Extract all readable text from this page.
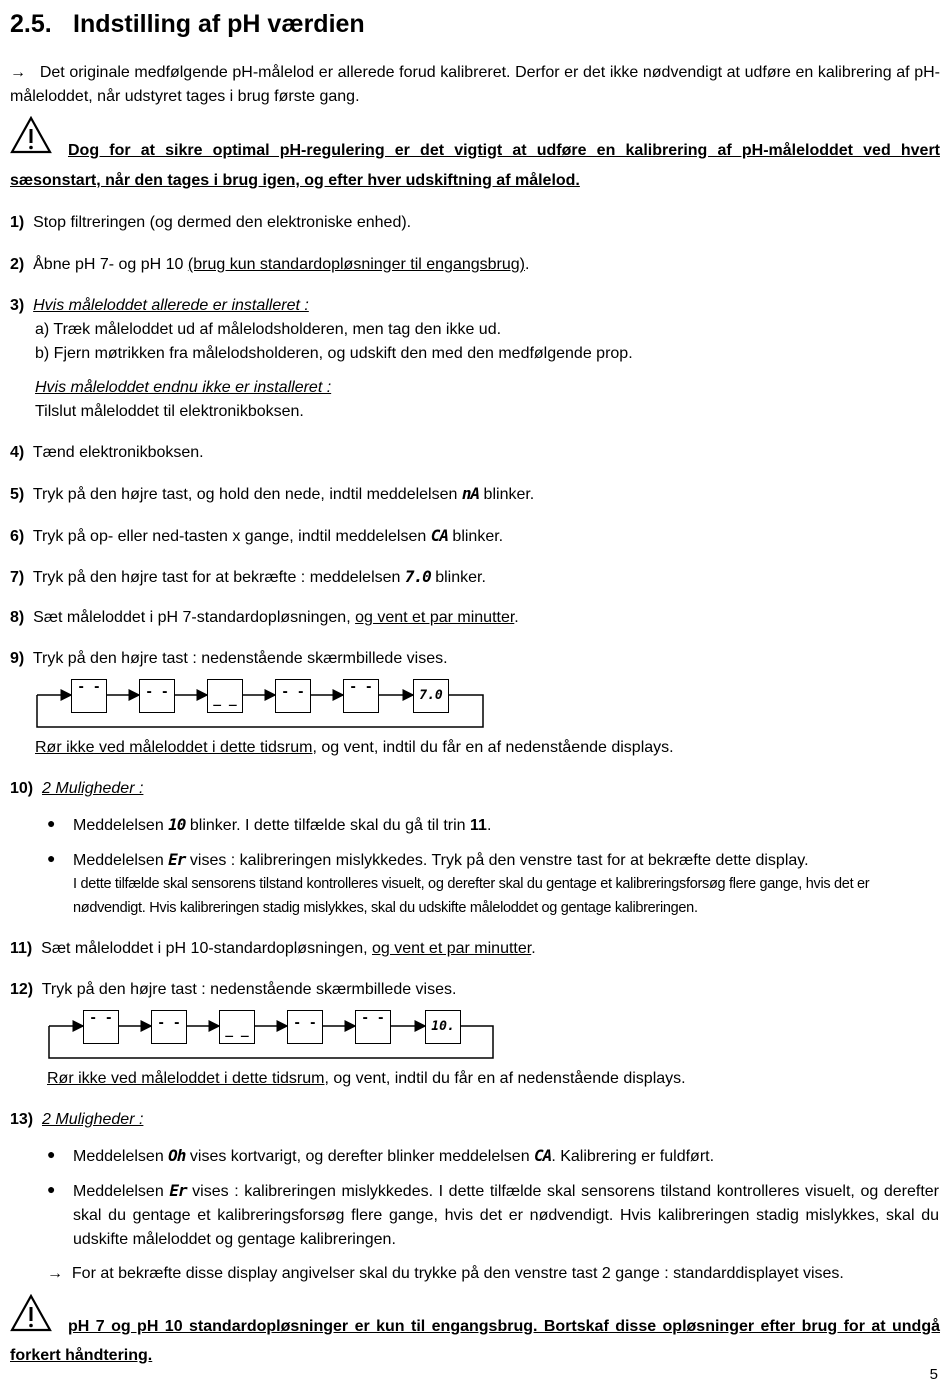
2.5. Indstilling af pH værdien
→ Det originale medfølgende pH-målelod er allerede forud kalibreret. Derfor er det ikke nødvendigt at udføre en kalibrering af pH-måleloddet, når udstyret tages i brug første gang.
Dog for at sikre optimal pH-regulering er det vigtigt at udføre en kalibrering af pH-måleloddet ved hvert sæsonstart, når den tages i brug igen, og efter hver udskiftning af målelod.
1) Stop filtreringen (og dermed den elektroniske enhed).
2) Åbne pH 7- og pH 10 (brug kun standardopløsninger til engangsbrug).
3) Hvis måleloddet allerede er installeret :
a) Træk måleloddet ud af målelodsholderen, men tag den ikke ud.
b) Fjern møtrikken fra målelodsholderen, og udskift den med den medfølgende prop.
Hvis måleloddet endnu ikke er installeret :
Tilslut måleloddet til elektronikboksen.
4) Tænd elektronikboksen.
5) Tryk på den højre tast, og hold den nede, indtil meddelelsen nA blinker.
6) Tryk på op- eller ned-tasten x gange, indtil meddelelsen CA blinker.
7) Tryk på den højre tast for at bekræfte : meddelelsen 7.0 blinker.
8) Sæt måleloddet i pH 7-standardopløsningen, og vent et par minutter.
9) Tryk på den højre tast : nedenstående skærmbillede vises.
- -	- -	_ _	- -	- -
7.0
Rør ikke ved måleloddet i dette tidsrum, og vent, indtil du får en af nedenstående displays.
10) 2 Muligheder :
● Meddelelsen 10 blinker. I dette tilfælde skal du gå til trin 11.
● Meddelelsen Er vises : kalibreringen mislykkedes. Tryk på den venstre tast for at bekræfte dette display.
I dette tilfælde skal sensorens tilstand kontrolleres visuelt, og derefter skal du gentage et kalibreringsforsøg flere gange, hvis det er nødvendigt. Hvis kalibreringen stadig mislykkes, skal du udskifte måleloddet og gentage kalibreringen.
11) Sæt måleloddet i pH 10-standardopløsningen, og vent et par minutter.
12) Tryk på den højre tast : nedenstående skærmbillede vises.
- -	- -	_ _	- -	- -
10.
Rør ikke ved måleloddet i dette tidsrum, og vent, indtil du får en af nedenstående displays.
13) 2 Muligheder :
● Meddelelsen Oh vises kortvarigt, og derefter blinker meddelelsen CA. Kalibrering er fuldført.
● Meddelelsen Er vises : kalibreringen mislykkedes. I dette tilfælde skal sensorens tilstand kontrolleres visuelt, og derefter skal du gentage et kalibreringsforsøg flere gange, hvis det er nødvendigt. Hvis kalibreringen stadig mislykkes, skal du udskifte måleloddet og gentage kalibreringen.
→ For at bekræfte disse display angivelser skal du trykke på den venstre tast 2 gange : standarddisplayet vises.
pH 7 og pH 10 standardopløsninger er kun til engangsbrug. Bortskaf disse opløsninger efter brug for at undgå forkert håndtering.
5
